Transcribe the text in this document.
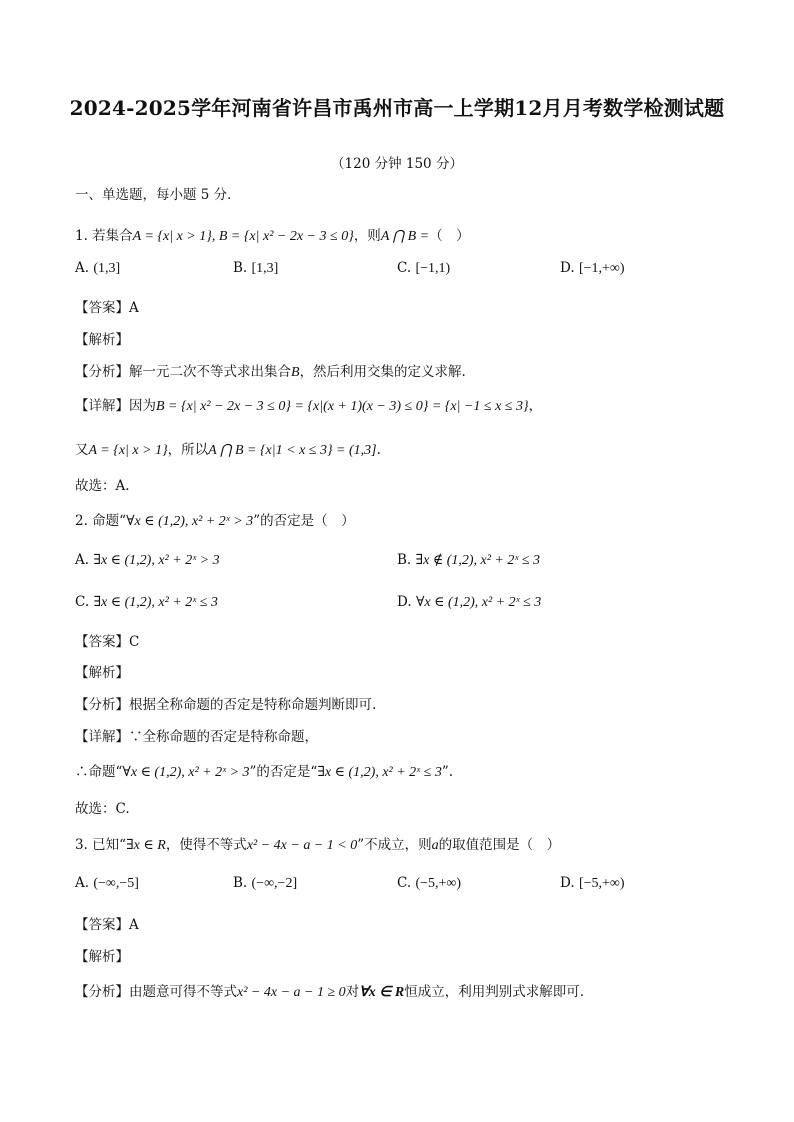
2024-2025学年河南省许昌市禹州市高一上学期12月月考数学检测试题
（120 分钟 150 分）
一、单选题，每小题 5 分．
1. 若集合A = {x| x > 1}, B = {x| x² − 2x − 3 ≤ 0}，则A ⋂ B =（　）
A. (1,3]	B. [1,3]	C. [−1,1)	D. [−1,+∞)
【答案】A
【解析】
【分析】解一元二次不等式求出集合B，然后利用交集的定义求解.
【详解】因为B = {x| x² − 2x − 3 ≤ 0} = {x|(x + 1)(x − 3) ≤ 0} = {x| −1 ≤ x ≤ 3}，
又A = {x| x > 1}，所以A ⋂ B = {x|1 < x ≤ 3} = (1,3].
故选：A.
2. 命题“∀x ∈ (1,2), x² + 2ˣ > 3”的否定是（　）
A. ∃x ∈ (1,2), x² + 2ˣ > 3	B. ∃x ∉ (1,2), x² + 2ˣ ≤ 3
C. ∃x ∈ (1,2), x² + 2ˣ ≤ 3	D. ∀x ∈ (1,2), x² + 2ˣ ≤ 3
【答案】C
【解析】
【分析】根据全称命题的否定是特称命题判断即可.
【详解】∵全称命题的否定是特称命题，
∴命题“∀x ∈ (1,2), x² + 2ˣ > 3”的否定是“∃x ∈ (1,2), x² + 2ˣ ≤ 3”.
故选：C.
3. 已知“∃x ∈ R，使得不等式x² − 4x − a − 1 < 0”不成立，则a的取值范围是（　）
A. (−∞,−5]	B. (−∞,−2]	C. (−5,+∞)	D. [−5,+∞)
【答案】A
【解析】
【分析】由题意可得不等式x² − 4x − a − 1 ≥ 0对∀x ∈ R恒成立，利用判别式求解即可.
